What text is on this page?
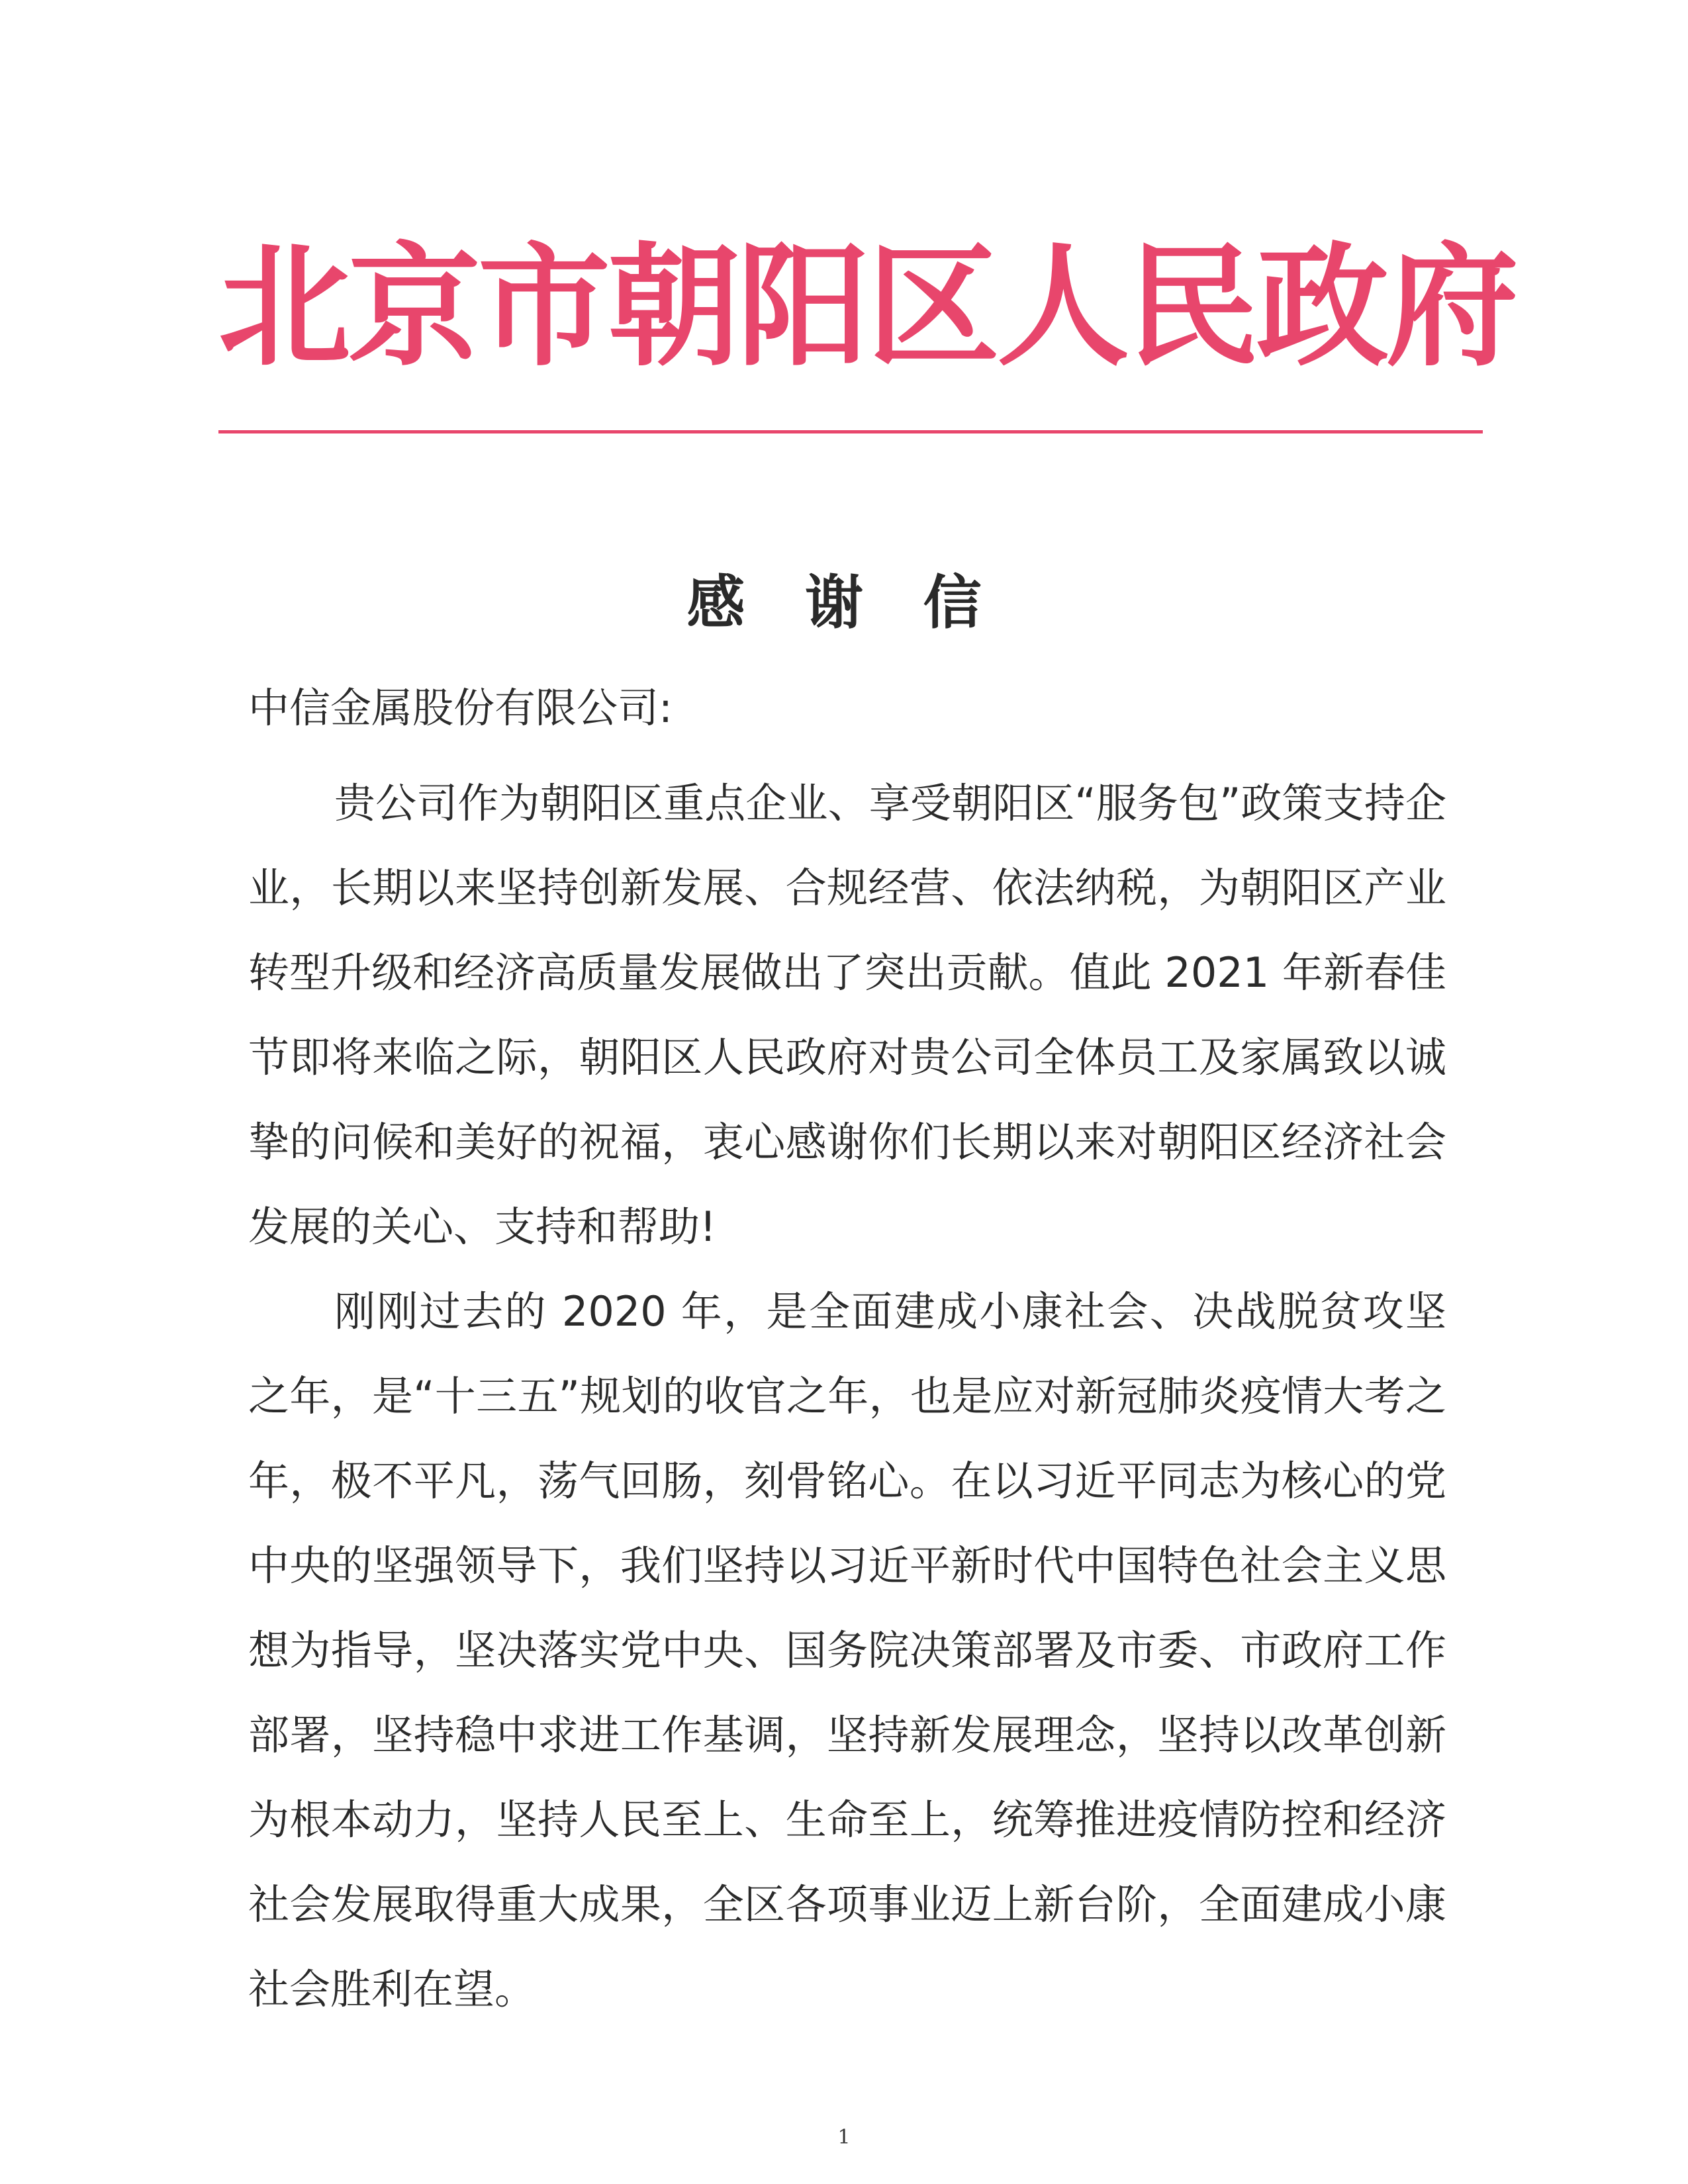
北京市朝阳区人民政府
感 谢 信

中信金属股份有限公司:

贵公司作为朝阳区重点企业、享受朝阳区“服务包”政策支持企业，长期以来坚持创新发展、合规经营、依法纳税，为朝阳区产业转型升级和经济高质量发展做出了突出贡献。值此 2021 年新春佳节即将来临之际，朝阳区人民政府对贵公司全体员工及家属致以诚挚的问候和美好的祝福，衷心感谢你们长期以来对朝阳区经济社会发展的关心、支持和帮助!

刚刚过去的 2020 年，是全面建成小康社会、决战脱贫攻坚之年，是“十三五”规划的收官之年，也是应对新冠肺炎疫情大考之年，极不平凡，荡气回肠，刻骨铭心。在以习近平同志为核心的党中央的坚强领导下，我们坚持以习近平新时代中国特色社会主义思想为指导，坚决落实党中央、国务院决策部署及市委、市政府工作部署，坚持稳中求进工作基调，坚持新发展理念，坚持以改革创新为根本动力，坚持人民至上、生命至上，统筹推进疫情防控和经济社会发展取得重大成果，全区各项事业迈上新台阶，全面建成小康社会胜利在望。

1
